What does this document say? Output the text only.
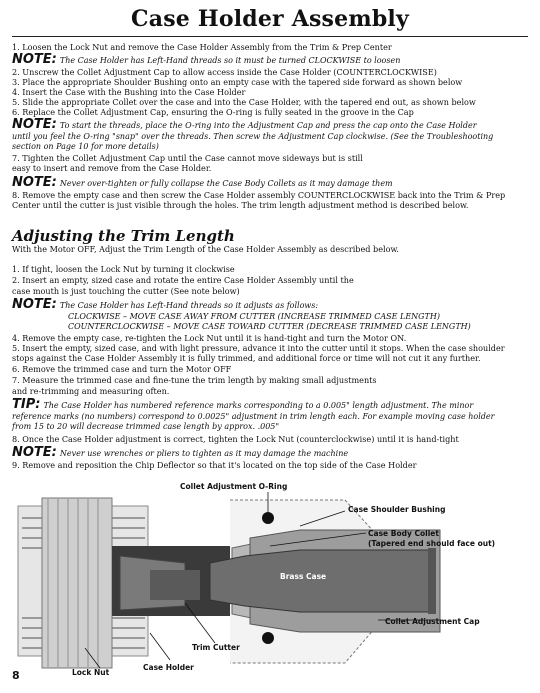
Case Holder Assembly
1. Loosen the Lock Nut and remove the Case Holder Assembly from the Trim & Prep Center
NOTE: The Case Holder has Left-Hand threads so it must be turned CLOCKWISE to loosen
2. Unscrew the Collet Adjustment Cap to allow access inside the Case Holder (COUNTERCLOCKWISE)
3. Place the appropriate Shoulder Bushing onto an empty case with the tapered side forward as shown below
4. Insert the Case with the Bushing into the Case Holder
5. Slide the appropriate Collet over the case and into the Case Holder, with the tapered end out, as shown below
6. Replace the Collet Adjustment Cap, ensuring the O-ring is fully seated in the groove in the Cap
NOTE: To start the threads, place the O-ring into the Adjustment Cap and press the cap onto the Case Holder
until you feel the O-ring "snap" over the threads. Then screw the Adjustment Cap clockwise. (See the Troubleshooting
section on Page 10 for more details)
7. Tighten the Collet Adjustment Cap until the Case cannot move sideways but is still
easy to insert and remove from the Case Holder.
NOTE: Never over-tighten or fully collapse the Case Body Collets as it may damage them
8. Remove the empty case and then screw the Case Holder assembly COUNTERCLOCKWISE back into the Trim & Prep
Center until the cutter is just visible through the holes. The trim length adjustment method is described below.
Adjusting the Trim Length
With the Motor OFF, Adjust the Trim Length of the Case Holder Assembly as described below.
1. If tight, loosen the Lock Nut by turning it clockwise
2. Insert an empty, sized case and rotate the entire Case Holder Assembly until the
case mouth is just touching the cutter (See note below)
NOTE: The Case Holder has Left-Hand threads so it adjusts as follows:
CLOCKWISE – MOVE CASE AWAY FROM CUTTER (INCREASE TRIMMED CASE LENGTH)
COUNTERCLOCKWISE – MOVE CASE TOWARD CUTTER (DECREASE TRIMMED CASE LENGTH)
4. Remove the empty case, re-tighten the Lock Nut until it is hand-tight and turn the Motor ON.
5. Insert the empty, sized case, and with light pressure, advance it into the cutter until it stops. When the case shoulder
stops against the Case Holder Assembly it is fully trimmed, and additional force or time will not cut it any further.
6. Remove the trimmed case and turn the Motor OFF
7. Measure the trimmed case and fine-tune the trim length by making small adjustments
and re-trimming and measuring often.
TIP: The Case Holder has numbered reference marks corresponding to a 0.005" length adjustment. The minor
reference marks (no numbers) correspond to 0.0025" adjustment in trim length each. For example moving case holder
from 15 to 20 will decrease trimmed case length by approx. .005"
8. Once the Case Holder adjustment is correct, tighten the Lock Nut (counterclockwise) until it is hand-tight
NOTE: Never use wrenches or pliers to tighten as it may damage the machine
9. Remove and reposition the Chip Deflector so that it's located on the top side of the Case Holder
Collet Adjustment O-Ring
Case Shoulder Bushing
Case Body Collet
(Tapered end should face out)
Brass Case
Collet Adjustment Cap
Trim Cutter
Lock Nut
Case Holder
8
